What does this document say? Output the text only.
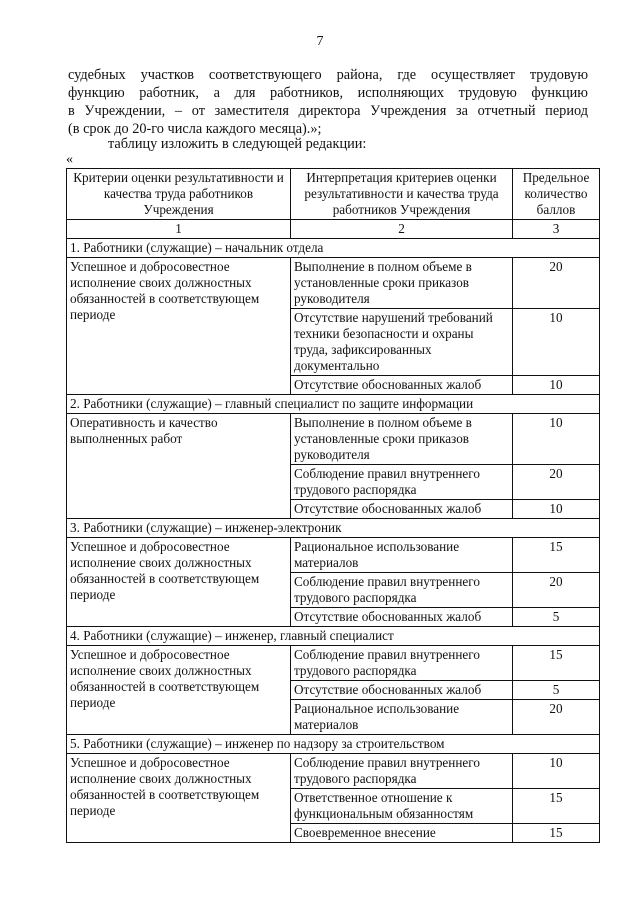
7
судебных участков соответствующего района, где осуществляет трудовую
функцию работник, а для работников, исполняющих трудовую функцию
в Учреждении, – от заместителя директора Учреждения за отчетный период
(в срок до 20-го числа каждого месяца).»;
таблицу изложить в следующей редакции:
«
Критерии оценки результативности и качества труда работников Учреждения	Интерпретация критериев оценки результативности и качества труда работников Учреждения	Предельное количество баллов
1	2	3
1. Работники (служащие) – начальник отдела		
Успешное и добросовестное исполнение своих должностных обязанностей в соответствующем периоде	Выполнение в полном объеме в установленные сроки приказов руководителя	20
	Отсутствие нарушений требований техники безопасности и охраны труда, зафиксированных документально	10
	Отсутствие обоснованных жалоб	10
2. Работники (служащие) – главный специалист по защите информации		
Оперативность и качество выполненных работ	Выполнение в полном объеме в установленные сроки приказов руководителя	10
	Соблюдение правил внутреннего трудового распорядка	20
	Отсутствие обоснованных жалоб	10
3. Работники (служащие) – инженер-электроник		
Успешное и добросовестное исполнение своих должностных обязанностей в соответствующем периоде	Рациональное использование материалов	15
	Соблюдение правил внутреннего трудового распорядка	20
	Отсутствие обоснованных жалоб	5
4. Работники (служащие) – инженер, главный специалист		
Успешное и добросовестное исполнение своих должностных обязанностей в соответствующем периоде	Соблюдение правил внутреннего трудового распорядка	15
	Отсутствие обоснованных жалоб	5
	Рациональное использование материалов	20
5. Работники (служащие) – инженер по надзору за строительством		
Успешное и добросовестное исполнение своих должностных обязанностей в соответствующем периоде	Соблюдение правил внутреннего трудового распорядка	10
	Ответственное отношение к функциональным обязанностям	15
	Своевременное внесение	15
